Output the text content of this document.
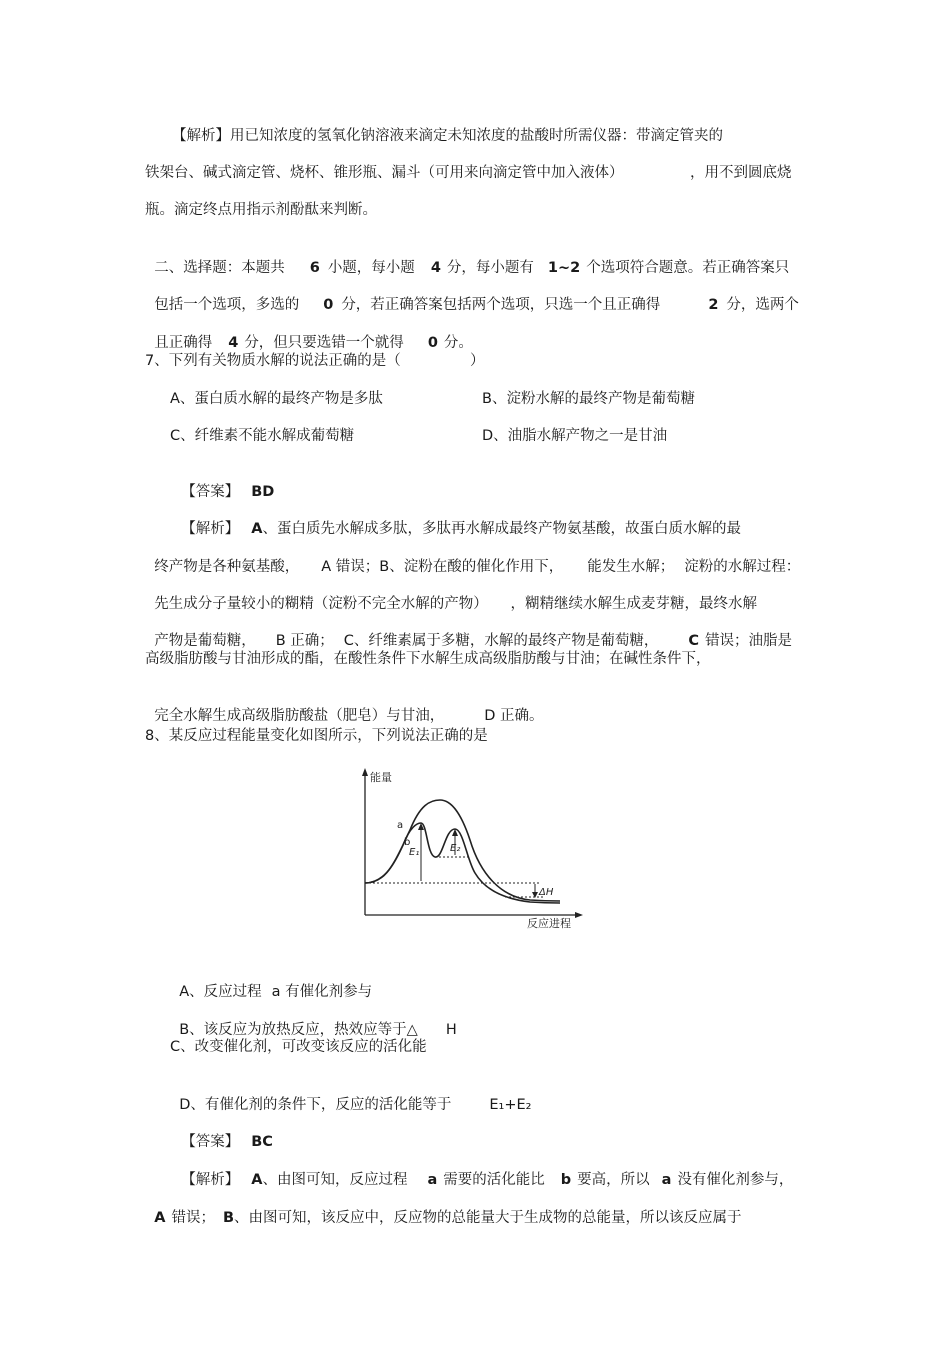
【解析】用已知浓度的氢氧化钠溶液来滴定未知浓度的盐酸时所需仪器：带滴定管夹的
铁架台、碱式滴定管、烧杯、锥形瓶、漏斗（可用来向滴定管中加入液体）	，用不到圆底烧
瓶。滴定终点用指示剂酚酞来判断。

二、选择题：本题共 6 小题，每小题 4 分，每小题有 1~2 个选项符合题意。若正确答案只

包括一个选项，多选的 0 分，若正确答案包括两个选项，只选一个且正确得	2 分，选两个

且正确得 4 分，但只要选错一个就得 0 分。

7、下列有关物质水解的说法正确的是（	）
A、蛋白质水解的最终产物是多肽	B、淀粉水解的最终产物是葡萄糖
C、纤维素不能水解成葡萄糖	D、油脂水解产物之一是甘油

【答案】 BD

【解析】 A、蛋白质先水解成多肽，多肽再水解成最终产物氨基酸，故蛋白质水解的最

终产物是各种氨基酸， A 错误；B、淀粉在酸的催化作用下， 能发生水解； 淀粉的水解过程：

先生成分子量较小的糊精（淀粉不完全水解的产物） ，糊精继续水解生成麦芽糖，最终水解

产物是葡萄糖， B 正确； C、纤维素属于多糖，水解的最终产物是葡萄糖， C 错误；油脂是

高级脂肪酸与甘油形成的酯，在酸性条件下水解生成高级脂肪酸与甘油；在碱性条件下，

完全水解生成高级脂肪酸盐（肥皂）与甘油，	D 正确。

8、某反应过程能量变化如图所示，下列说法正确的是
能量
反应进程
E₁	E₂
ΔH
a
b

A、反应过程 a 有催化剂参与

B、该反应为放热反应，热效应等于△ H

C、改变催化剂，可改变该反应的活化能

D、有催化剂的条件下，反应的活化能等于	E₁+E₂

【答案】 BC

【解析】 A、由图可知，反应过程 a 需要的活化能比 b 要高，所以 a 没有催化剂参与，

A 错误； B、由图可知，该反应中，反应物的总能量大于生成物的总能量，所以该反应属于
